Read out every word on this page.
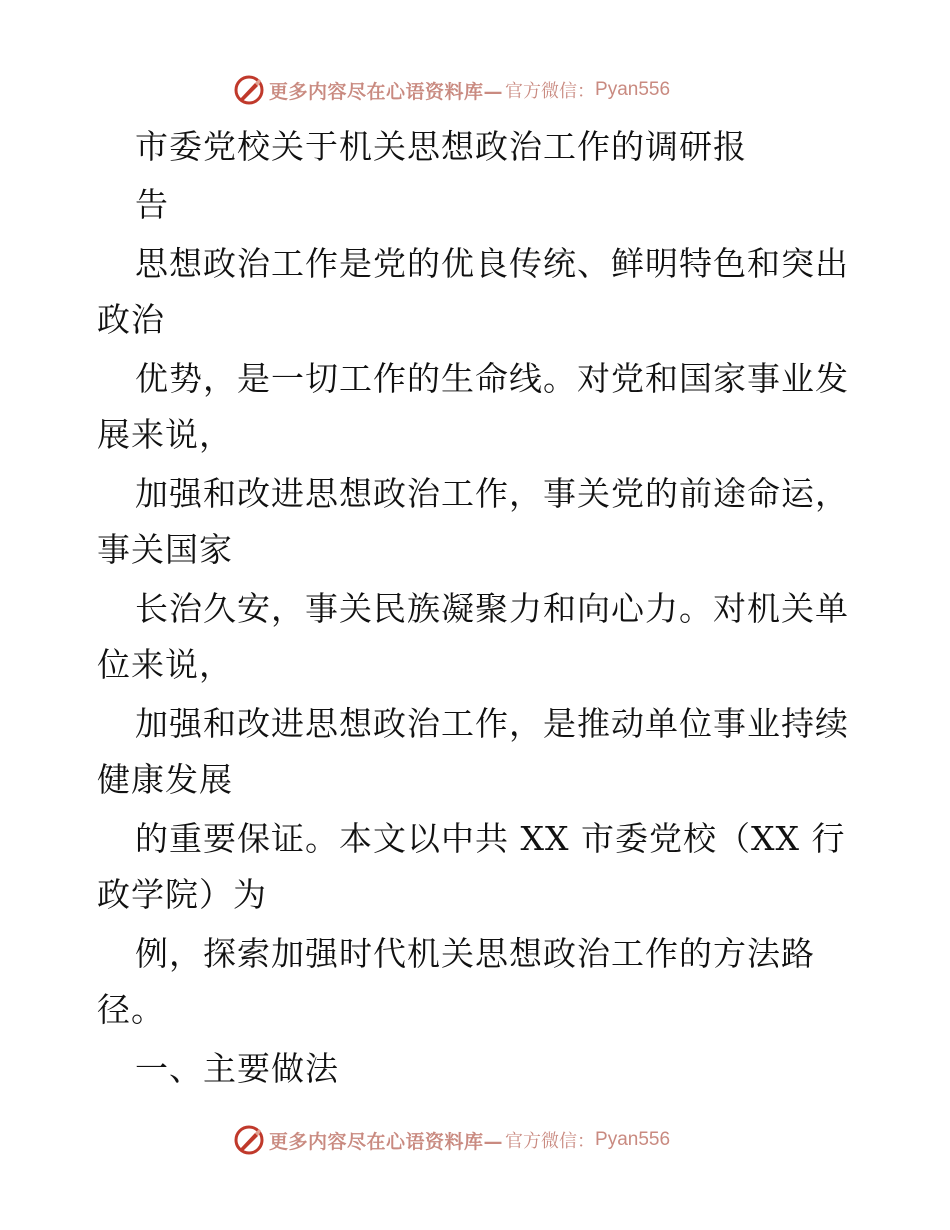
更多内容尽在心语资料库— 官方微信： Pyan556
市委党校关于机关思想政治工作的调研报
告
思想政治工作是党的优良传统、鲜明特色和突出
政治
优势，是一切工作的生命线。对党和国家事业发
展来说，
加强和改进思想政治工作，事关党的前途命运，
事关国家
长治久安，事关民族凝聚力和向心力。对机关单
位来说，
加强和改进思想政治工作，是推动单位事业持续
健康发展
的重要保证。本文以中共 XX 市委党校（XX 行
政学院）为
例，探索加强时代机关思想政治工作的方法路
径。
一、主要做法
更多内容尽在心语资料库— 官方微信： Pyan556
